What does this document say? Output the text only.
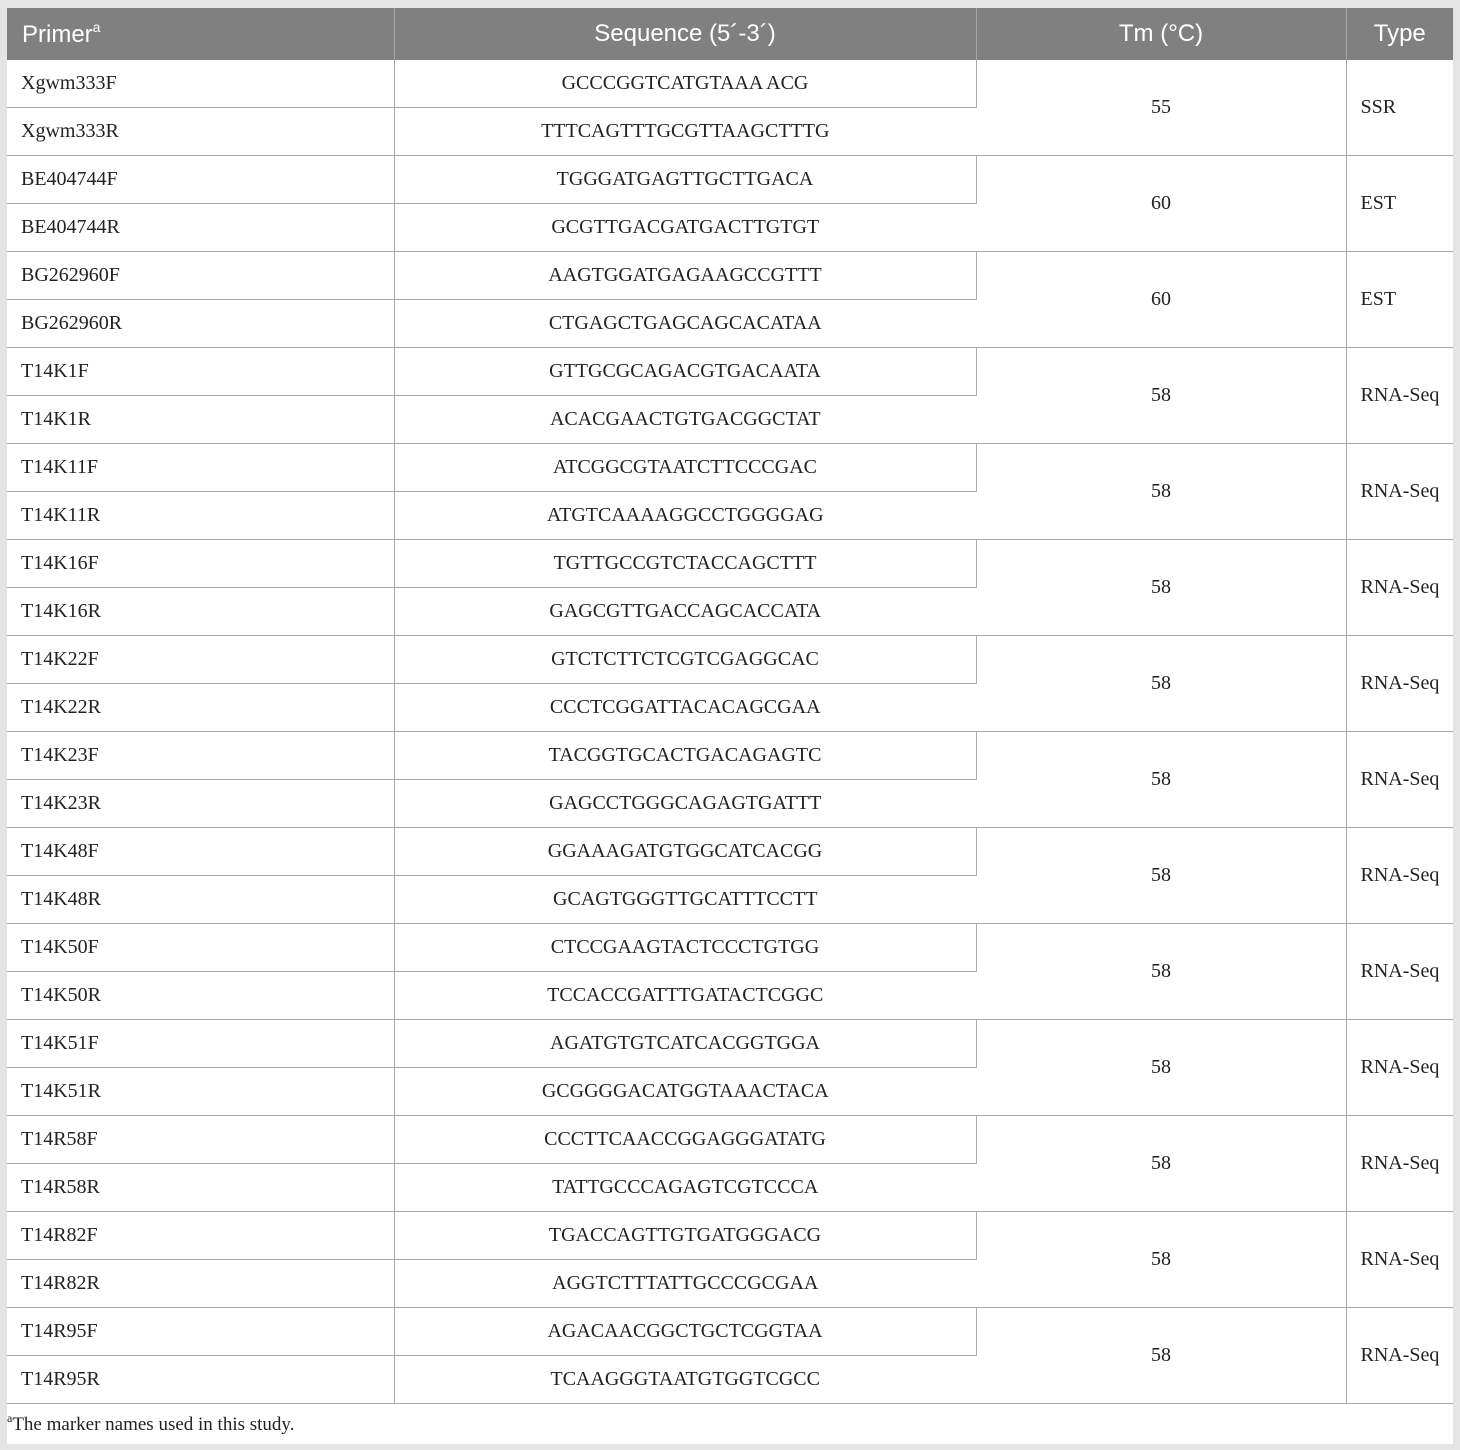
Primer$^a$	Sequence (5´-3´)	Tm (°C)	Type
Xgwm333F	GCCCGGTCATGTAAA ACG	55	SSR
Xgwm333R	TTTCAGTTTGCGTTAAGCTTTG		
BE404744F	TGGGATGAGTTGCTTGACA	60	EST
BE404744R	GCGTTGACGATGACTTGTGT		
BG262960F	AAGTGGATGAGAAGCCGTTT	60	EST
BG262960R	CTGAGCTGAGCAGCACATAA		
T14K1F	GTTGCGCAGACGTGACAATA	58	RNA-Seq
T14K1R	ACACGAACTGTGACGGCTAT		
T14K11F	ATCGGCGTAATCTTCCCGAC	58	RNA-Seq
T14K11R	ATGTCAAAAGGCCTGGGGAG		
T14K16F	TGTTGCCGTCTACCAGCTTT	58	RNA-Seq
T14K16R	GAGCGTTGACCAGCACCATA		
T14K22F	GTCTCTTCTCGTCGAGGCAC	58	RNA-Seq
T14K22R	CCCTCGGATTACACAGCGAA		
T14K23F	TACGGTGCACTGACAGAGTC	58	RNA-Seq
T14K23R	GAGCCTGGGCAGAGTGATTT		
T14K48F	GGAAAGATGTGGCATCACGG	58	RNA-Seq
T14K48R	GCAGTGGGTTGCATTTCCTT		
T14K50F	CTCCGAAGTACTCCCTGTGG	58	RNA-Seq
T14K50R	TCCACCGATTTGATACTCGGC		
T14K51F	AGATGTGTCATCACGGTGGA	58	RNA-Seq
T14K51R	GCGGGGACATGGTAAACTACA		
T14R58F	CCCTTCAACCGGAGGGATATG	58	RNA-Seq
T14R58R	TATTGCCCAGAGTCGTCCCA		
T14R82F	TGACCAGTTGTGATGGGACG	58	RNA-Seq
T14R82R	AGGTCTTTATTGCCCGCGAA		
T14R95F	AGACAACGGCTGCTCGGTAA	58	RNA-Seq
T14R95R	TCAAGGGTAATGTGGTCGCC		
$^a$The marker names used in this study.
